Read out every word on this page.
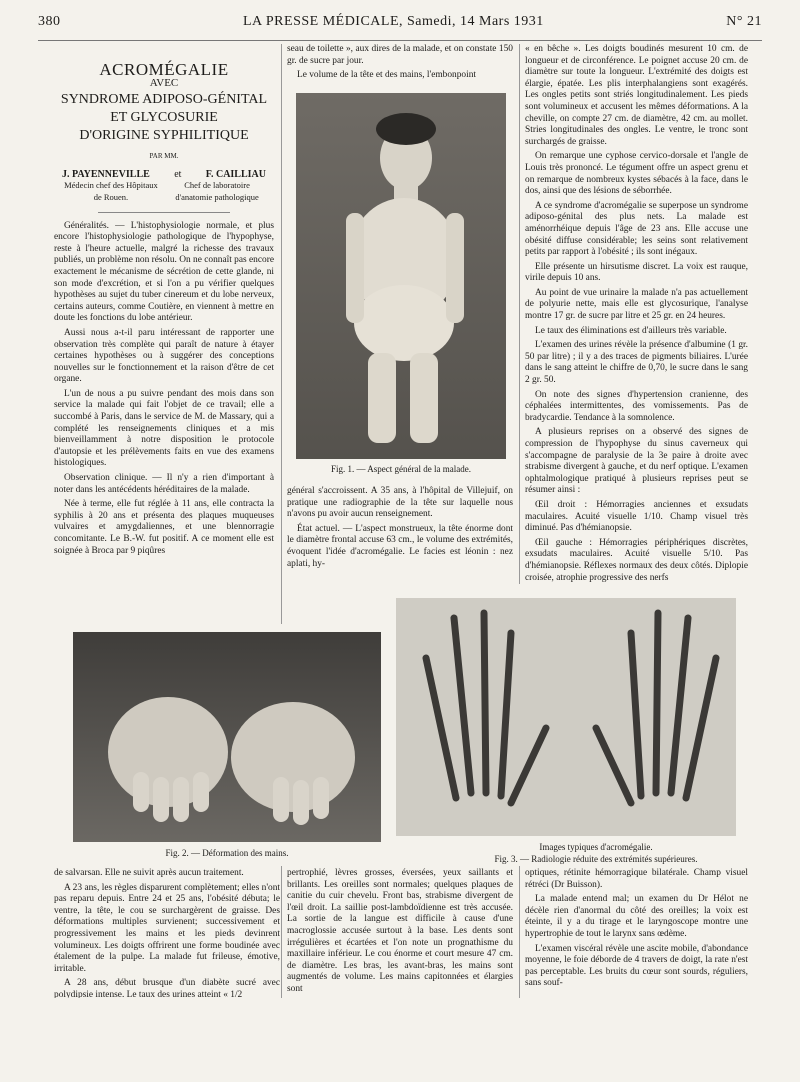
380	LA PRESSE MÉDICALE, Samedi, 14 Mars 1931	N° 21
ACROMÉGALIE
AVEC
SYNDROME ADIPOSO-GÉNITAL
ET GLYCOSURIE
D'ORIGINE SYPHILITIQUE
PAR MM.
J. PAYENNEVILLE et F. CAILLIAU
Médecin chef des Hôpitaux de Rouen.
Chef de laboratoire d'anatomie pathologique

Généralités. — L'histophysiologie normale, et plus encore l'histophysiologie pathologique de l'hypophyse, reste à l'heure actuelle, malgré la richesse des travaux publiés, un problème non résolu. On ne connaît pas encore exactement le mécanisme de sécrétion de cette glande, ni son mode d'excrétion, et si l'on a pu vérifier quelques hypothèses au sujet du tuber cinereum et du lobe nerveux, certains auteurs, comme Coutière, en viennent à mettre en doute les fonctions du lobe antérieur.

Aussi nous a-t-il paru intéressant de rapporter une observation très complète qui paraît de nature à étayer certaines hypothèses ou à suggérer des conceptions nouvelles sur le fonctionnement et la raison d'être de cet organe.

L'un de nous a pu suivre pendant des mois dans son service la malade qui fait l'objet de ce travail; elle a succombé à Paris, dans le service de M. de Massary, qui a complété les renseignements cliniques et a mis bienveillamment à notre disposition le protocole d'autopsie et les prélèvements faits en vue des examens histologiques.

Observation clinique. — Il n'y a rien d'important à noter dans les antécédents héréditaires de la malade.

Née à terme, elle fut réglée à 11 ans, elle contracta la syphilis à 20 ans et présenta des plaques muqueuses vulvaires et amygdaliennes, et une blennorragie concomitante. Le B.-W. fut positif. A ce moment elle est soignée à Broca par 9 piqûres

seau de toilette », aux dires de la malade, et on constate 150 gr. de sucre par jour.

Le volume de la tête et des mains, l'embonpoint

Fig. 1. — Aspect général de la malade.

général s'accroissent. A 35 ans, à l'hôpital de Villejuif, on pratique une radiographie de la tête sur laquelle nous n'avons pu avoir aucun renseignement.

État actuel. — L'aspect monstrueux, la tête énorme dont le diamètre frontal accuse 63 cm., le volume des extrémités, évoquent l'idée d'acromégalie. Le facies est léonin : nez aplati, hy-

« en bêche ». Les doigts boudinés mesurent 10 cm. de longueur et de circonférence. Le poignet accuse 20 cm. de diamètre sur toute la longueur. L'extrémité des doigts est élargie, épatée. Les plis interphalangiens sont exagérés. Les ongles petits sont striés longitudinalement. Les pieds sont volumineux et accusent les mêmes déformations. A la cheville, on compte 27 cm. de diamètre, 42 cm. au mollet. Stries longitudinales des ongles. Le ventre, le tronc sont surchargés de graisse.

On remarque une cyphose cervico-dorsale et l'angle de Louis très prononcé. Le tégument offre un aspect grenu et on remarque de nombreux kystes sébacés à la face, dans le dos, ainsi que des lésions de séborrhée.

A ce syndrome d'acromégalie se superpose un syndrome adiposo-génital des plus nets. La malade est aménorrhéique depuis l'âge de 23 ans. Elle accuse une obésité diffuse considérable; les seins sont relativement petits par rapport à l'obésité ; ils sont inégaux.

Elle présente un hirsutisme discret. La voix est rauque, virile depuis 10 ans.

Au point de vue urinaire la malade n'a pas actuellement de polyurie nette, mais elle est glycosurique, l'analyse montre 17 gr. de sucre par litre et 25 gr. en 24 heures.

Le taux des éliminations est d'ailleurs très variable.

L'examen des urines révèle la présence d'albumine (1 gr. 50 par litre) ; il y a des traces de pigments biliaires. L'urée dans le sang atteint le chiffre de 0,70, le sucre dans le sang 2 gr. 50.

On note des signes d'hypertension cranienne, des céphalées intermittentes, des vomissements. Pas de bradycardie. Tendance à la somnolence.

A plusieurs reprises on a observé des signes de compression de l'hypophyse du sinus caverneux qui s'accompagne de paralysie de la 3e paire à droite avec strabisme divergent à gauche, et du nerf optique. L'examen ophtalmologique pratiqué à plusieurs reprises peut se résumer ainsi :

Œil droit : Hémorragies anciennes et exsudats maculaires. Acuité visuelle 1/10. Champ visuel très diminué. Pas d'hémianopsie.

Œil gauche : Hémorragies périphériques discrètes, exsudats maculaires. Acuité visuelle 5/10. Pas d'hémianopsie. Réflexes normaux des deux côtés. Diplopie croisée, atrophie progressive des nerfs

Fig. 2. — Déformation des mains.
Images typiques d'acromégalie.
Fig. 3. — Radiologie réduite des extrémités supérieures.

de salvarsan. Elle ne suivit après aucun traitement.

A 23 ans, les règles disparurent complètement; elles n'ont pas reparu depuis. Entre 24 et 25 ans, l'obésité débuta; le ventre, la tête, le cou se surchargèrent de graisse. Des déformations multiples survienent; successivement et progressivement les mains et les pieds devinrent volumineux. Les doigts offrirent une forme boudinée avec étalement de la pulpe. La malade fut frileuse, émotive, irritable.

A 28 ans, début brusque d'un diabète sucré avec polydipsie intense. Le taux des urines atteint « 1/2

pertrophié, lèvres grosses, éversées, yeux saillants et brillants. Les oreilles sont normales; quelques plaques de canitie du cuir chevelu. Front bas, strabisme divergent de l'œil droit. La saillie post-lambdoïdienne est très accusée. La sortie de la langue est difficile à cause d'une macroglossie accusée surtout à la base. Les dents sont irrégulières et écartées et l'on note un prognathisme du maxillaire inférieur. Le cou énorme et court mesure 47 cm. de diamètre. Les bras, les avant-bras, les mains sont augmentés de volume. Les mains capitonnées et élargies sont

optiques, rétinite hémorragique bilatérale. Champ visuel rétréci (Dr Buisson).

La malade entend mal; un examen du Dr Hélot ne décèle rien d'anormal du côté des oreilles; la voix est éteinte, il y a du tirage et le laryngoscope montre une hypertrophie de tout le larynx sans œdème.

L'examen viscéral révèle une ascite mobile, d'abondance moyenne, le foie déborde de 4 travers de doigt, la rate n'est pas perceptable. Les bruits du cœur sont sourds, réguliers, sans souf-
